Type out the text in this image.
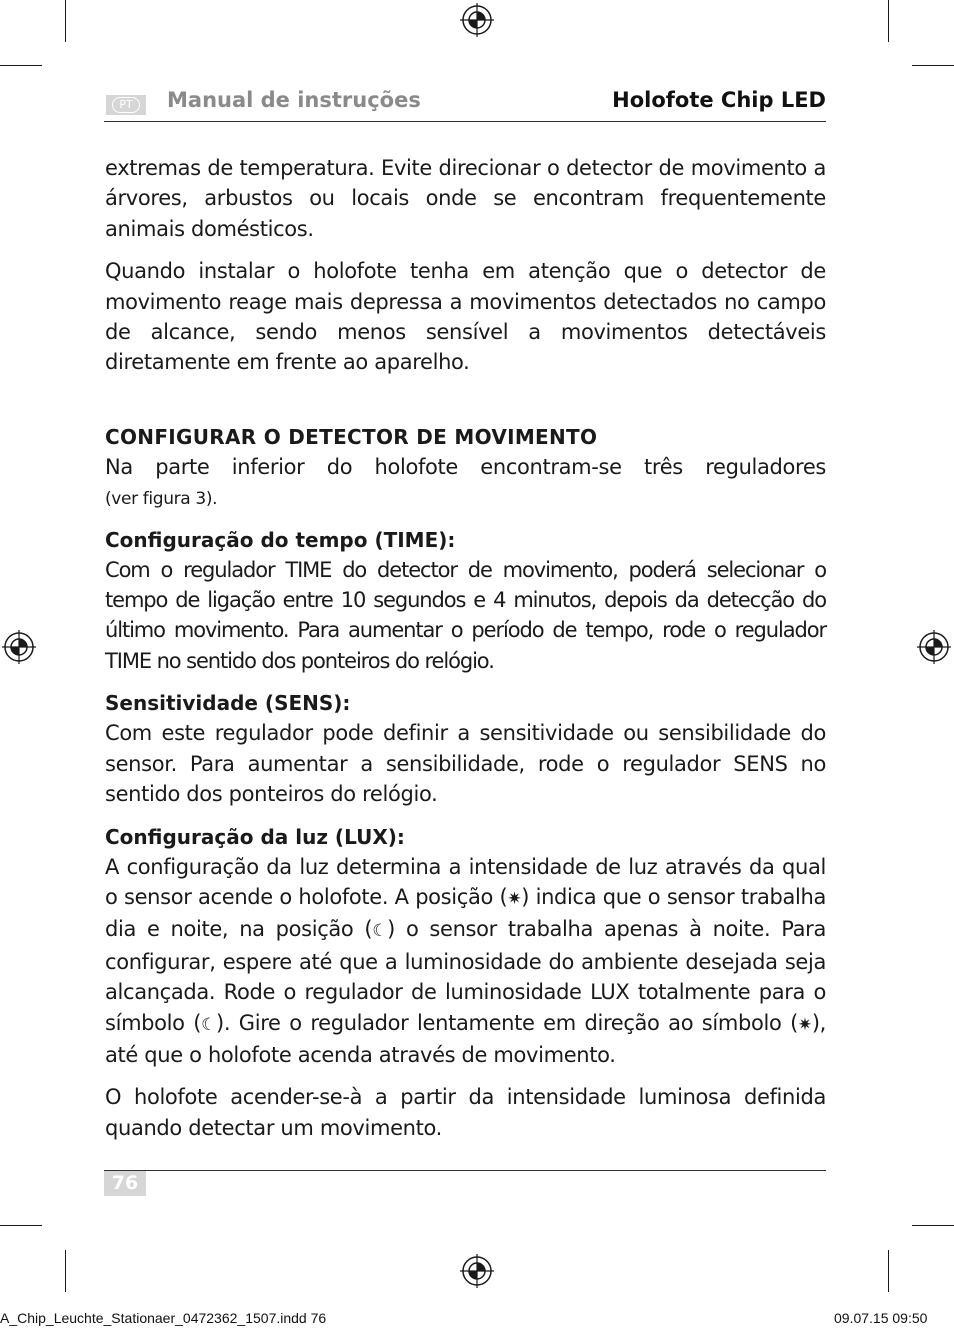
PT	Manual de instruções	Holofote Chip LED

extremas de temperatura. Evite direcionar o detector de movimento a árvores, arbustos ou locais onde se encontram frequentemente animais domésticos.

Quando instalar o holofote tenha em atenção que o detector de movimento reage mais depressa a movimentos detectados no campo de alcance, sendo menos sensível a movimentos detectáveis diretamente em frente ao aparelho.

CONFIGURAR O DETECTOR DE MOVIMENTO

Na parte inferior do holofote encontram-se três reguladores
(ver figura 3).

Configuração do tempo (TIME):

Com o regulador TIME do detector de movimento, poderá selecionar o tempo de ligação entre 10 segundos e 4 minutos, depois da detecção do último movimento. Para aumentar o período de tempo, rode o regulador TIME no sentido dos ponteiros do relógio.

Sensitividade (SENS):

Com este regulador pode definir a sensitividade ou sensibilidade do sensor. Para aumentar a sensibilidade, rode o regulador SENS no sentido dos ponteiros do relógio.

Configuração da luz (LUX):

A configuração da luz determina a intensidade de luz através da qual o sensor acende o holofote. A posição (✷) indica que o sensor trabalha dia e noite, na posição (☾) o sensor trabalha apenas à noite. Para configurar, espere até que a luminosidade do ambiente desejada seja alcançada. Rode o regulador de luminosidade LUX totalmente para o símbolo (☾). Gire o regulador lentamente em direção ao símbolo (✷), até que o holofote acenda através de movimento.

O holofote acender-se-à a partir da intensidade luminosa definida quando detectar um movimento.

76
A_Chip_Leuchte_Stationaer_0472362_1507.indd 76	09.07.15 09:50
